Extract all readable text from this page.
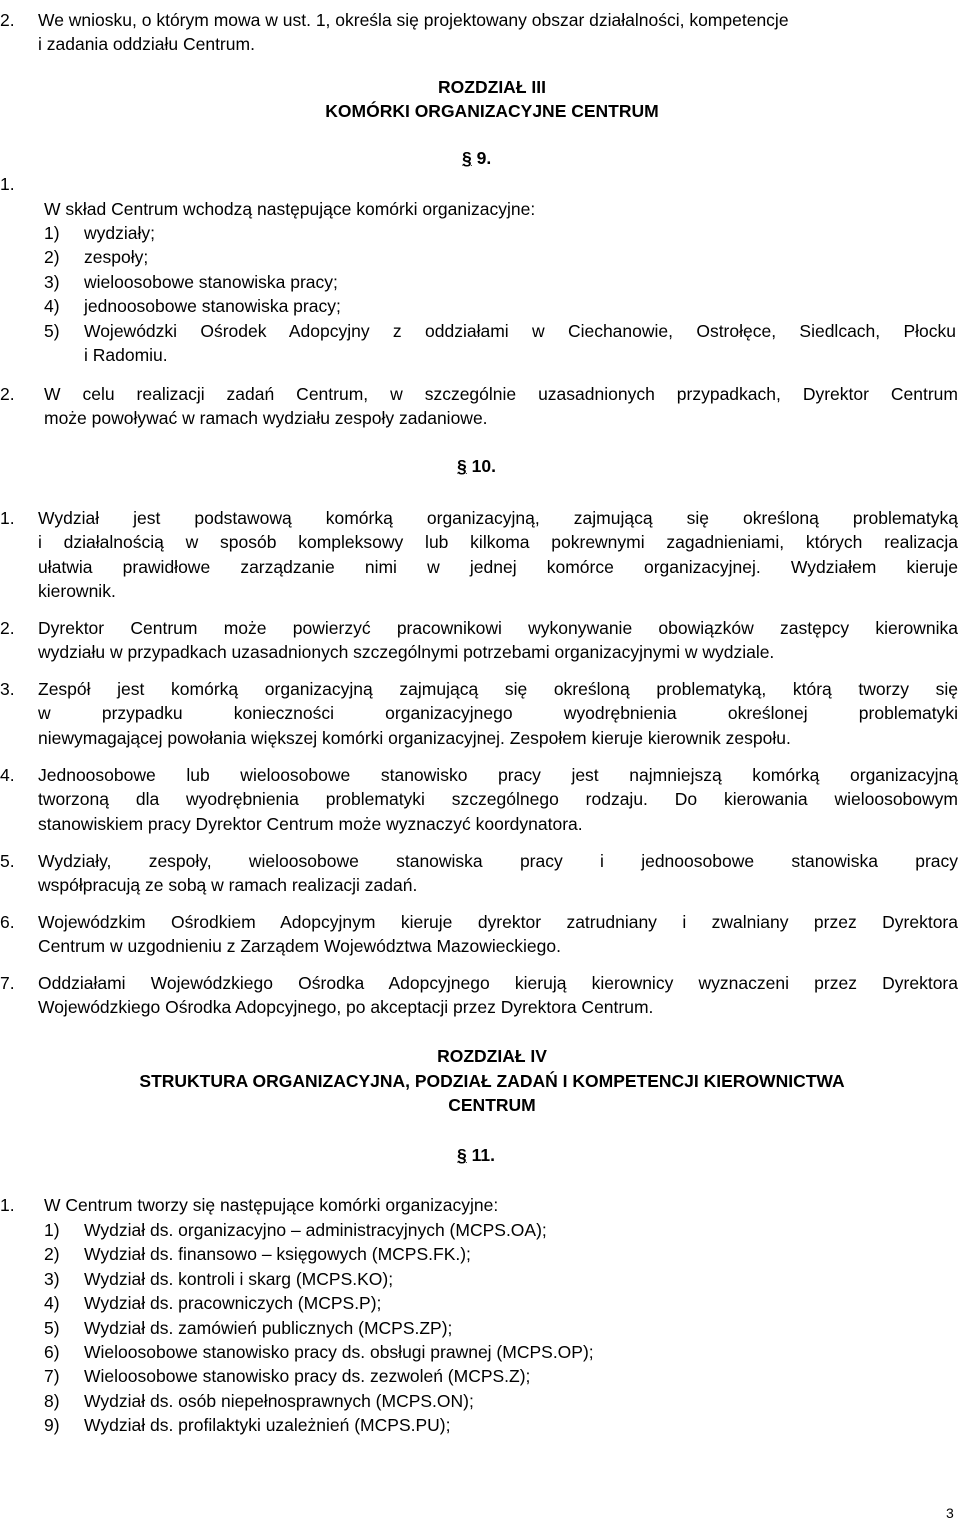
2. We wniosku, o którym mowa w ust. 1, określa się projektowany obszar działalności, kompetencje
i zadania oddziału Centrum.
ROZDZIAŁ III
KOMÓRKI ORGANIZACYJNE CENTRUM
§ 9.
1.
W skład Centrum wchodzą następujące komórki organizacyjne:
1) wydziały;
2) zespoły;
3) wieloosobowe stanowiska pracy;
4) jednoosobowe stanowiska pracy;
5) Wojewódzki Ośrodek Adopcyjny z oddziałami w Ciechanowie, Ostrołęce, Siedlcach, Płocku
i Radomiu.
2. W celu realizacji zadań Centrum, w szczególnie uzasadnionych przypadkach, Dyrektor Centrum
może powoływać w ramach wydziału zespoły zadaniowe.
§ 10.
1. Wydział jest podstawową komórką organizacyjną, zajmującą się określoną problematyką
i działalnością w sposób kompleksowy lub kilkoma pokrewnymi zagadnieniami, których realizacja
ułatwia prawidłowe zarządzanie nimi w jednej komórce organizacyjnej. Wydziałem kieruje
kierownik.
2. Dyrektor Centrum może powierzyć pracownikowi wykonywanie obowiązków zastępcy kierownika
wydziału w przypadkach uzasadnionych szczególnymi potrzebami organizacyjnymi w wydziale.
3. Zespół jest komórką organizacyjną zajmującą się określoną problematyką, którą tworzy się
w przypadku konieczności organizacyjnego wyodrębnienia określonej problematyki
niewymagającej powołania większej komórki organizacyjnej. Zespołem kieruje kierownik zespołu.
4. Jednoosobowe lub wieloosobowe stanowisko pracy jest najmniejszą komórką organizacyjną
tworzoną dla wyodrębnienia problematyki szczególnego rodzaju. Do kierowania wieloosobowym
stanowiskiem pracy Dyrektor Centrum może wyznaczyć koordynatora.
5. Wydziały, zespoły, wieloosobowe stanowiska pracy i jednoosobowe stanowiska pracy
współpracują ze sobą w ramach realizacji zadań.
6. Wojewódzkim Ośrodkiem Adopcyjnym kieruje dyrektor zatrudniany i zwalniany przez Dyrektora
Centrum w uzgodnieniu z Zarządem Województwa Mazowieckiego.
7. Oddziałami Wojewódzkiego Ośrodka Adopcyjnego kierują kierownicy wyznaczeni przez Dyrektora
Wojewódzkiego Ośrodka Adopcyjnego, po akceptacji przez Dyrektora Centrum.
ROZDZIAŁ IV
STRUKTURA ORGANIZACYJNA, PODZIAŁ ZADAŃ I KOMPETENCJI KIEROWNICTWA
CENTRUM
§ 11.
1. W Centrum tworzy się następujące komórki organizacyjne:
1) Wydział ds. organizacyjno – administracyjnych (MCPS.OA);
2) Wydział ds. finansowo – księgowych (MCPS.FK.);
3) Wydział ds. kontroli i skarg (MCPS.KO);
4) Wydział ds. pracowniczych (MCPS.P);
5) Wydział ds. zamówień publicznych (MCPS.ZP);
6) Wieloosobowe stanowisko pracy ds. obsługi prawnej (MCPS.OP);
7) Wieloosobowe stanowisko pracy ds. zezwoleń (MCPS.Z);
8) Wydział ds. osób niepełnosprawnych (MCPS.ON);
9) Wydział ds. profilaktyki uzależnień (MCPS.PU);
3
